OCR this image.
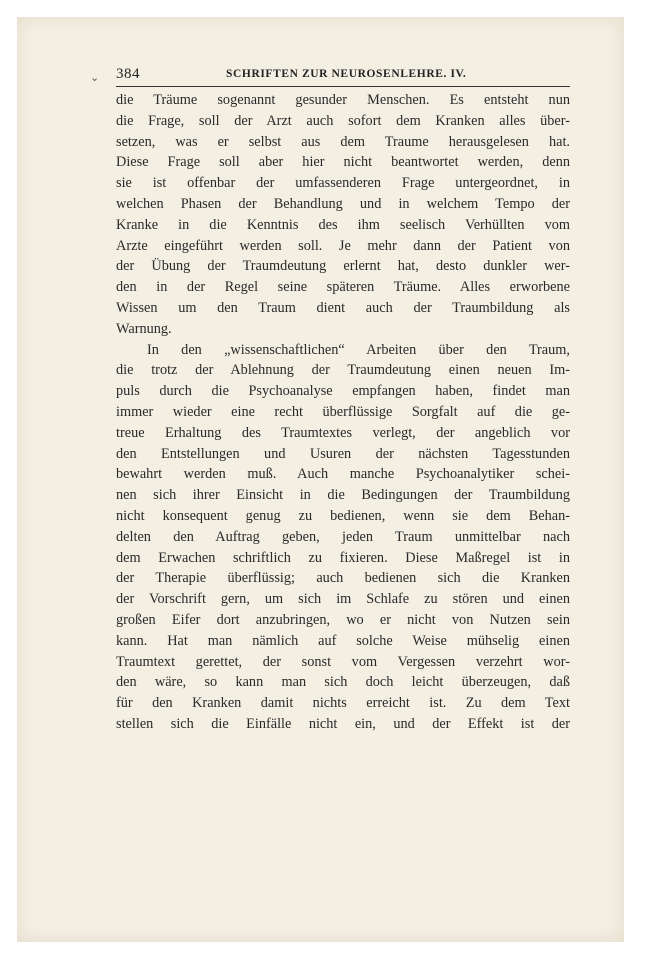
⌄ 384	SCHRIFTEN ZUR NEUROSENLEHRE. IV.
die Träume sogenannt gesunder Menschen. Es entsteht nun
die Frage, soll der Arzt auch sofort dem Kranken alles über-
setzen, was er selbst aus dem Traume herausgelesen hat.
Diese Frage soll aber hier nicht beantwortet werden, denn
sie ist offenbar der umfassenderen Frage untergeordnet, in
welchen Phasen der Behandlung und in welchem Tempo der
Kranke in die Kenntnis des ihm seelisch Verhüllten vom
Arzte eingeführt werden soll. Je mehr dann der Patient von
der Übung der Traumdeutung erlernt hat, desto dunkler wer-
den in der Regel seine späteren Träume. Alles erworbene
Wissen um den Traum dient auch der Traumbildung als
Warnung.
In den „wissenschaftlichen“ Arbeiten über den Traum,
die trotz der Ablehnung der Traumdeutung einen neuen Im-
puls durch die Psychoanalyse empfangen haben, findet man
immer wieder eine recht überflüssige Sorgfalt auf die ge-
treue Erhaltung des Traumtextes verlegt, der angeblich vor
den Entstellungen und Usuren der nächsten Tagesstunden
bewahrt werden muß. Auch manche Psychoanalytiker schei-
nen sich ihrer Einsicht in die Bedingungen der Traumbildung
nicht konsequent genug zu bedienen, wenn sie dem Behan-
delten den Auftrag geben, jeden Traum unmittelbar nach
dem Erwachen schriftlich zu fixieren. Diese Maßregel ist in
der Therapie überflüssig; auch bedienen sich die Kranken
der Vorschrift gern, um sich im Schlafe zu stören und einen
großen Eifer dort anzubringen, wo er nicht von Nutzen sein
kann. Hat man nämlich auf solche Weise mühselig einen
Traumtext gerettet, der sonst vom Vergessen verzehrt wor-
den wäre, so kann man sich doch leicht überzeugen, daß
für den Kranken damit nichts erreicht ist. Zu dem Text
stellen sich die Einfälle nicht ein, und der Effekt ist der
